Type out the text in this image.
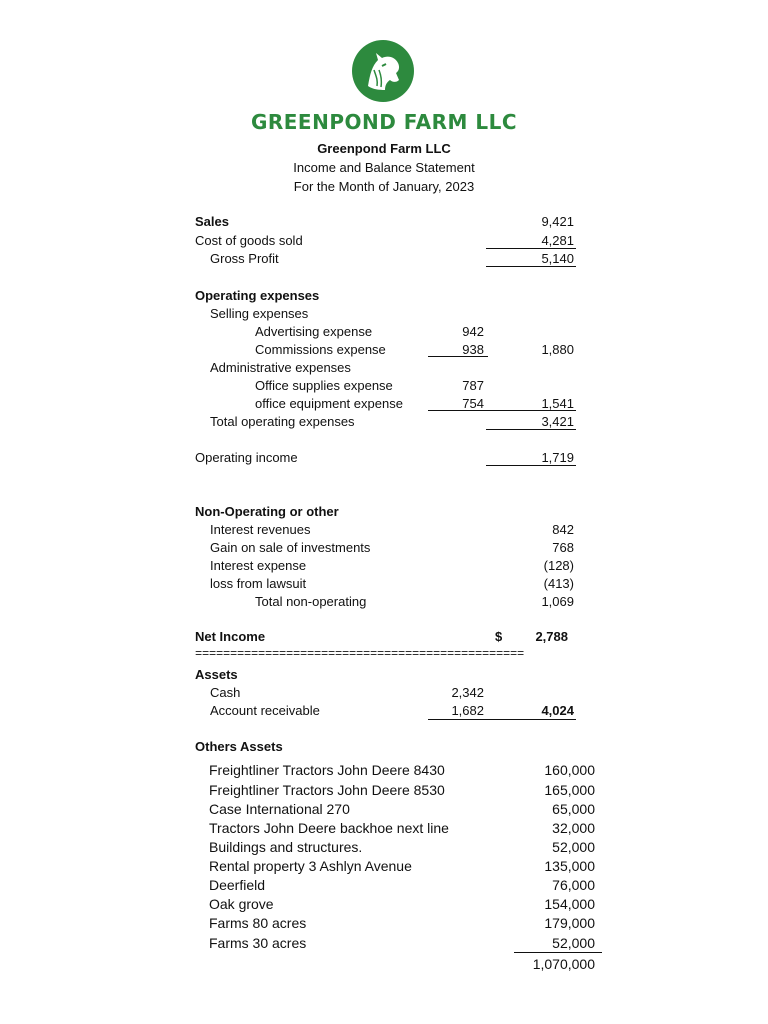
GREENPOND FARM LLC
Greenpond Farm LLC
Income and Balance Statement
For the Month of January, 2023
Sales	9,421
Cost of goods sold	4,281
Gross Profit	5,140
Operating expenses
Selling expenses
Advertising expense	942
Commissions expense	938	1,880
Administrative expenses
Office supplies expense	787
office equipment expense	754	1,541
Total operating expenses	3,421
Operating income	1,719
Non-Operating or other
Interest revenues	842
Gain on sale of investments	768
Interest expense	(128)
loss from lawsuit	(413)
Total non-operating	1,069
Net Income	$	2,788
===============================================
Assets
Cash	2,342
Account receivable	1,682	4,024
Others Assets
Freightliner Tractors John Deere 8430	160,000
Freightliner Tractors John Deere 8530	165,000
Case International 270	65,000
Tractors John Deere backhoe next line	32,000
Buildings and structures.	52,000
Rental property 3 Ashlyn Avenue	135,000
Deerfield	76,000
Oak grove	154,000
Farms 80 acres	179,000
Farms 30 acres	52,000
1,070,000
